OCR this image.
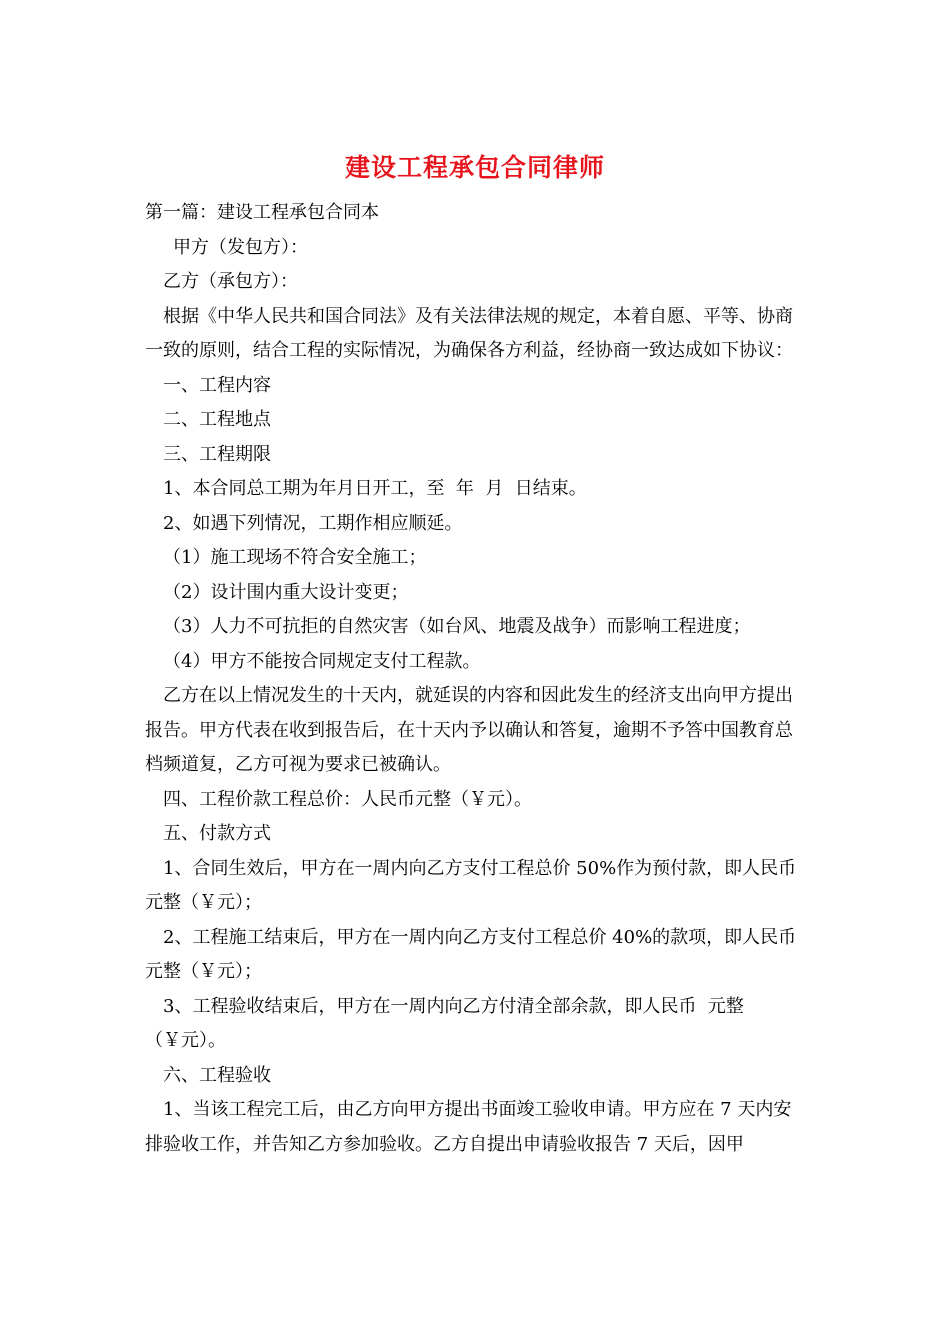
建设工程承包合同律师

第一篇：建设工程承包合同本

甲方（发包方）：

乙方（承包方）：

根据《中华人民共和国合同法》及有关法律法规的规定，本着自愿、平等、协商一致的原则，结合工程的实际情况，为确保各方利益，经协商一致达成如下协议：

一、工程内容

二、工程地点

三、工程期限

1、本合同总工期为年月日开工，至  年  月  日结束。

2、如遇下列情况，工期作相应顺延。

（1）施工现场不符合安全施工；

（2）设计围内重大设计变更；

（3）人力不可抗拒的自然灾害（如台风、地震及战争）而影响工程进度；

（4）甲方不能按合同规定支付工程款。

乙方在以上情况发生的十天内，就延误的内容和因此发生的经济支出向甲方提出报告。甲方代表在收到报告后，在十天内予以确认和答复，逾期不予答中国教育总档频道复，乙方可视为要求已被确认。

四、工程价款工程总价：人民币元整（￥元）。

五、付款方式

1、合同生效后，甲方在一周内向乙方支付工程总价 50%作为预付款，即人民币  元整（￥元）；

2、工程施工结束后，甲方在一周内向乙方支付工程总价 40%的款项，即人民币  元整（￥元）；

3、工程验收结束后，甲方在一周内向乙方付清全部余款，即人民币  元整（￥元）。

六、工程验收

1、当该工程完工后，由乙方向甲方提出书面竣工验收申请。甲方应在 7 天内安排验收工作，并告知乙方参加验收。乙方自提出申请验收报告 7 天后，因甲
